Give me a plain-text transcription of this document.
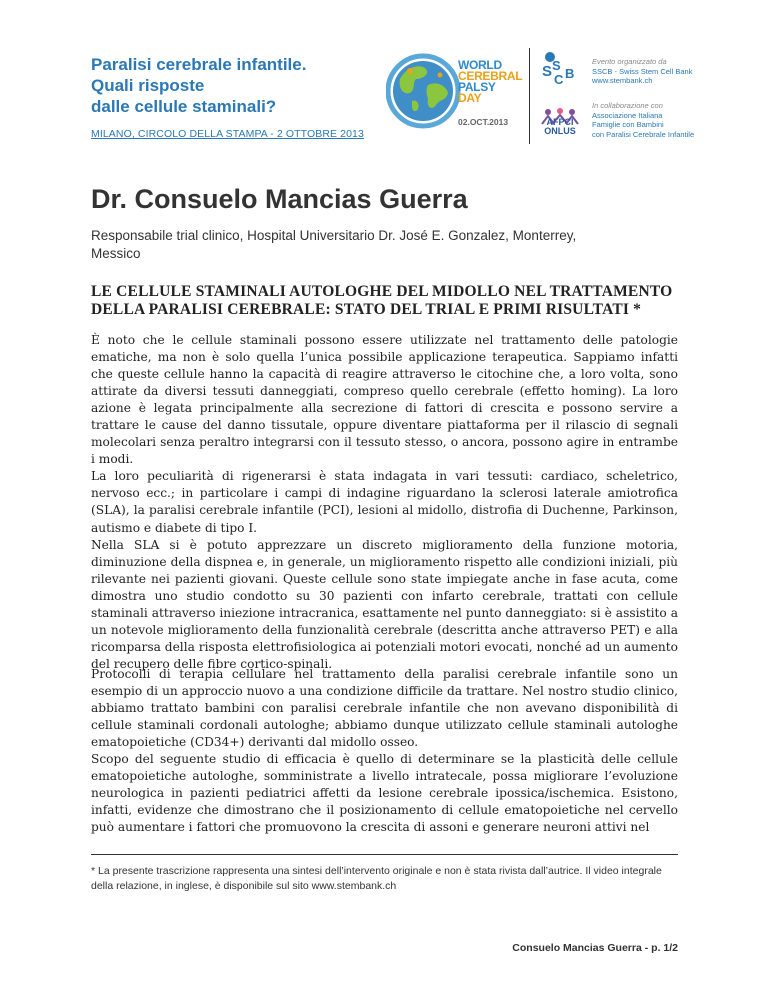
Paralisi cerebrale infantile.
Quali risposte
dalle cellule staminali?

MILANO, CIRCOLO DELLA STAMPA - 2 OTTOBRE 2013

WORLD
CEREBRAL
PALSY
DAY
02.OCT.2013
S S
C B
AFPCI
ONLUS
Evento organizzato da
SSCB - Swiss Stem Cell Bank
www.stembank.ch
In collaborazione con
Associazione Italiana
Famiglie con Bambini
con Paralisi Cerebrale Infantile
Dr. Consuelo Mancias Guerra

Responsabile trial clinico, Hospital Universitario Dr. José E. Gonzalez, Monterrey, Messico

LE CELLULE STAMINALI AUTOLOGHE DEL MIDOLLO NEL TRATTAMENTO DELLA PARALISI CEREBRALE: STATO DEL TRIAL E PRIMI RISULTATI *

È noto che le cellule staminali possono essere utilizzate nel trattamento delle patologie ematiche, ma non è solo quella l’unica possibile applicazione terapeutica. Sappiamo infatti che queste cellule hanno la capacità di reagire attraverso le citochine che, a loro volta, sono attirate da diversi tessuti danneggiati, compreso quello cerebrale (effetto homing). La loro azione è legata principalmente alla secrezione di fattori di crescita e possono servire a trattare le cause del danno tissutale, oppure diventare piattaforma per il rilascio di segnali molecolari senza peraltro integrarsi con il tessuto stesso, o ancora, possono agire in entrambe i modi.

La loro peculiarità di rigenerarsi è stata indagata in vari tessuti: cardiaco, scheletrico, nervoso ecc.; in particolare i campi di indagine riguardano la sclerosi laterale amiotrofica (SLA), la paralisi cerebrale infantile (PCI), lesioni al midollo, distrofia di Duchenne, Parkinson, autismo e diabete di tipo I.

Nella SLA si è potuto apprezzare un discreto miglioramento della funzione motoria, diminuzione della dispnea e, in generale, un miglioramento rispetto alle condizioni iniziali, più rilevante nei pazienti giovani. Queste cellule sono state impiegate anche in fase acuta, come dimostra uno studio condotto su 30 pazienti con infarto cerebrale, trattati con cellule staminali attraverso iniezione intracranica, esattamente nel punto danneggiato: si è assistito a un notevole miglioramento della funzionalità cerebrale (descritta anche attraverso PET) e alla ricomparsa della risposta elettrofisiologica ai potenziali motori evocati, nonché ad un aumento del recupero delle fibre cortico-spinali.

Protocolli di terapia cellulare nel trattamento della paralisi cerebrale infantile sono un esempio di un approccio nuovo a una condizione difficile da trattare. Nel nostro studio clinico, abbiamo trattato bambini con paralisi cerebrale infantile che non avevano disponibilità di cellule staminali cordonali autologhe; abbiamo dunque utilizzato cellule staminali autologhe ematopoietiche (CD34+) derivanti dal midollo osseo.

Scopo del seguente studio di efficacia è quello di determinare se la plasticità delle cellule ematopoietiche autologhe, somministrate a livello intratecale, possa migliorare l’evoluzione neurologica in pazienti pediatrici affetti da lesione cerebrale ipossica/ischemica. Esistono, infatti, evidenze che dimostrano che il posizionamento di cellule ematopoietiche nel cervello può aumentare i fattori che promuovono la crescita di assoni e generare neuroni attivi nel

* La presente trascrizione rappresenta una sintesi dell’intervento originale e non è stata rivista dall’autrice. Il video integrale della relazione, in inglese, è disponibile sul sito www.stembank.ch

Consuelo Mancias Guerra - p. 1/2
